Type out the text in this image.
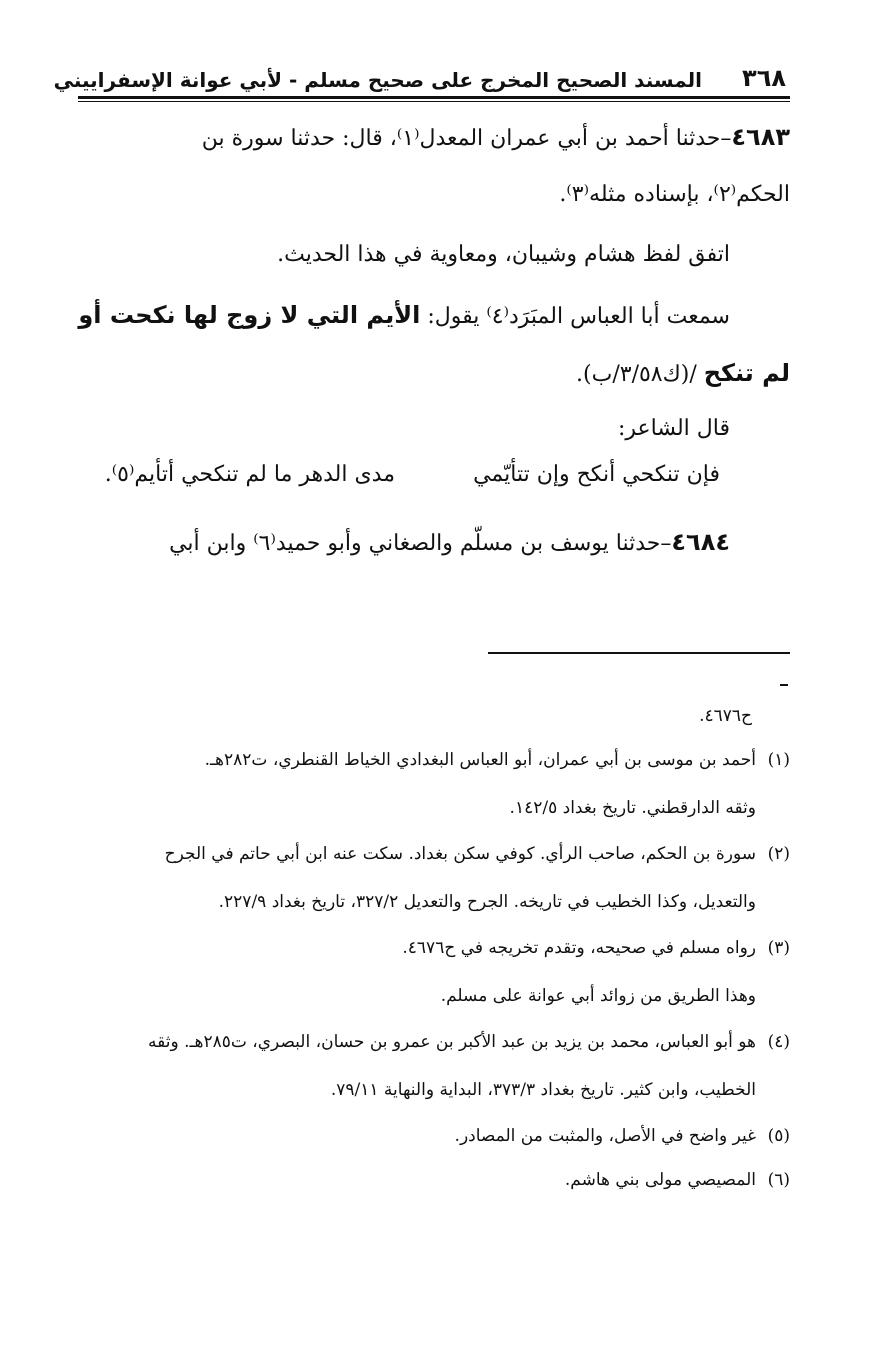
٣٦٨
المسند الصحيح المخرج على صحيح مسلم - لأبي عوانة الإسفراييني
٤٦٨٣–حدثنا أحمد بن أبي عمران المعدل⁽١⁾، قال: حدثنا سورة بن
الحكم⁽٢⁾، بإسناده مثله⁽٣⁾.
اتفق لفظ هشام وشيبان، ومعاوية في هذا الحديث.
سمعت أبا العباس المبَرَد⁽٤⁾ يقول: الأيم التي لا زوج لها نكحت أو
لم تنكح /(ك٣/٥٨/ب).
قال الشاعر:
فإن تنكحي أنكح وإن تتأيّمي
مدى الدهر ما لم تنكحي أتأيم⁽٥⁾.
٤٦٨٤–حدثنا يوسف بن مسلّم والصغاني وأبو حميد⁽٦⁾ وابن أبي
ح٤٦٧٦.
(١)أحمد بن موسى بن أبي عمران، أبو العباس البغدادي الخياط القنطري، ت٢٨٢هـ.
وثقه الدارقطني. تاريخ بغداد ١٤٢/٥.
(٢)سورة بن الحكم، صاحب الرأي. كوفي سكن بغداد. سكت عنه ابن أبي حاتم في الجرح
والتعديل، وكذا الخطيب في تاريخه. الجرح والتعديل ٣٢٧/٢، تاريخ بغداد ٢٢٧/٩.
(٣)رواه مسلم في صحيحه، وتقدم تخريجه في ح٤٦٧٦.
وهذا الطريق من زوائد أبي عوانة على مسلم.
(٤)هو أبو العباس، محمد بن يزيد بن عبد الأكبر بن عمرو بن حسان، البصري، ت٢٨٥هـ. وثقه
الخطيب، وابن كثير. تاريخ بغداد ٣٧٣/٣، البداية والنهاية ٧٩/١١.
(٥)غير واضح في الأصل، والمثبت من المصادر.
(٦)المصيصي مولى بني هاشم.
